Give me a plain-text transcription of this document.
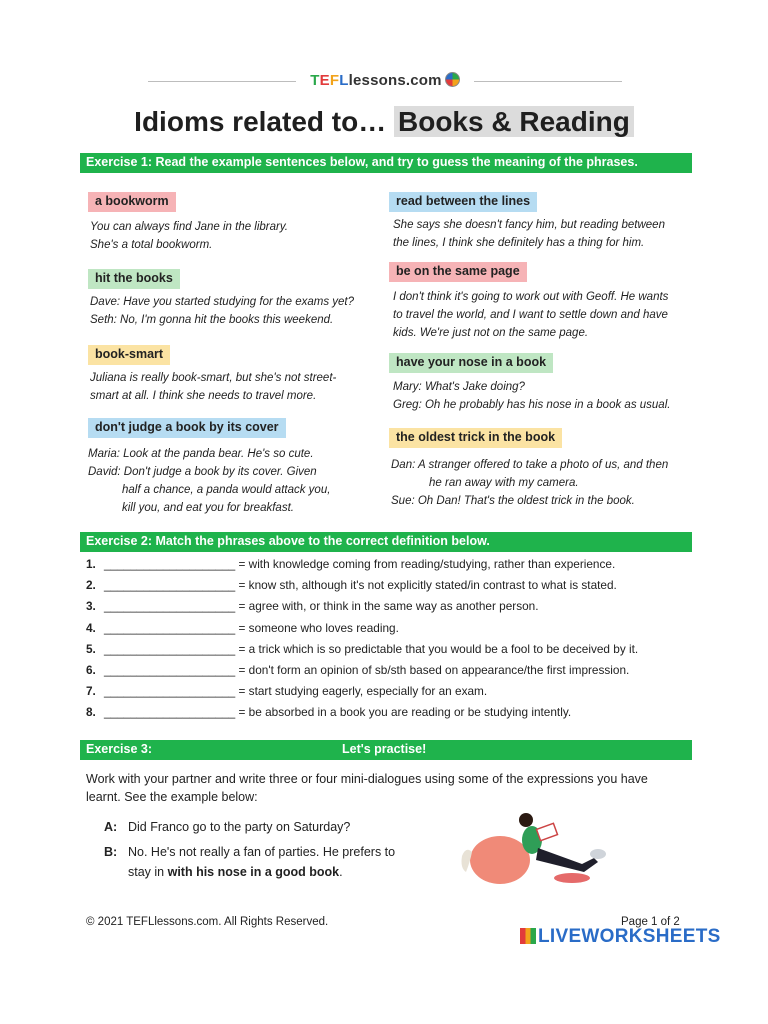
TEFLlessons.com
Idioms related to… Books & Reading
Exercise 1: Read the example sentences below, and try to guess the meaning of the phrases.
a bookworm
You can always find Jane in the library.
She's a total bookworm.
hit the books
Dave: Have you started studying for the exams yet?
Seth: No, I'm gonna hit the books this weekend.
book-smart
Juliana is really book-smart, but she's not street-
smart at all. I think she needs to travel more.
don't judge a book by its cover
Maria: Look at the panda bear. He's so cute.
David: Don't judge a book by its cover. Given
half a chance, a panda would attack you,
kill you, and eat you for breakfast.
read between the lines
She says she doesn't fancy him, but reading between
the lines, I think she definitely has a thing for him.
be on the same page
I don't think it's going to work out with Geoff. He wants
to travel the world, and I want to settle down and have
kids. We're just not on the same page.
have your nose in a book
Mary: What's Jake doing?
Greg: Oh he probably has his nose in a book as usual.
the oldest trick in the book
Dan: A stranger offered to take a photo of us, and then
he ran away with my camera.
Sue: Oh Dan! That's the oldest trick in the book.
Exercise 2: Match the phrases above to the correct definition below.
1. ____________________ = with knowledge coming from reading/studying, rather than experience.
2. ____________________ = know sth, although it's not explicitly stated/in contrast to what is stated.
3. ____________________ = agree with, or think in the same way as another person.
4. ____________________ = someone who loves reading.
5. ____________________ = a trick which is so predictable that you would be a fool to be deceived by it.
6. ____________________ = don't form an opinion of sb/sth based on appearance/the first impression.
7. ____________________ = start studying eagerly, especially for an exam.
8. ____________________ = be absorbed in a book you are reading or be studying intently.
Exercise 3:	Let's practise!
Work with your partner and write three or four mini-dialogues using some of the expressions you have learnt. See the example below:
A: Did Franco go to the party on Saturday?
B: No. He's not really a fan of parties. He prefers to
stay in with his nose in a good book.
© 2021 TEFLlessons.com. All Rights Reserved.	Page 1 of 2
LIVEWORKSHEETS
